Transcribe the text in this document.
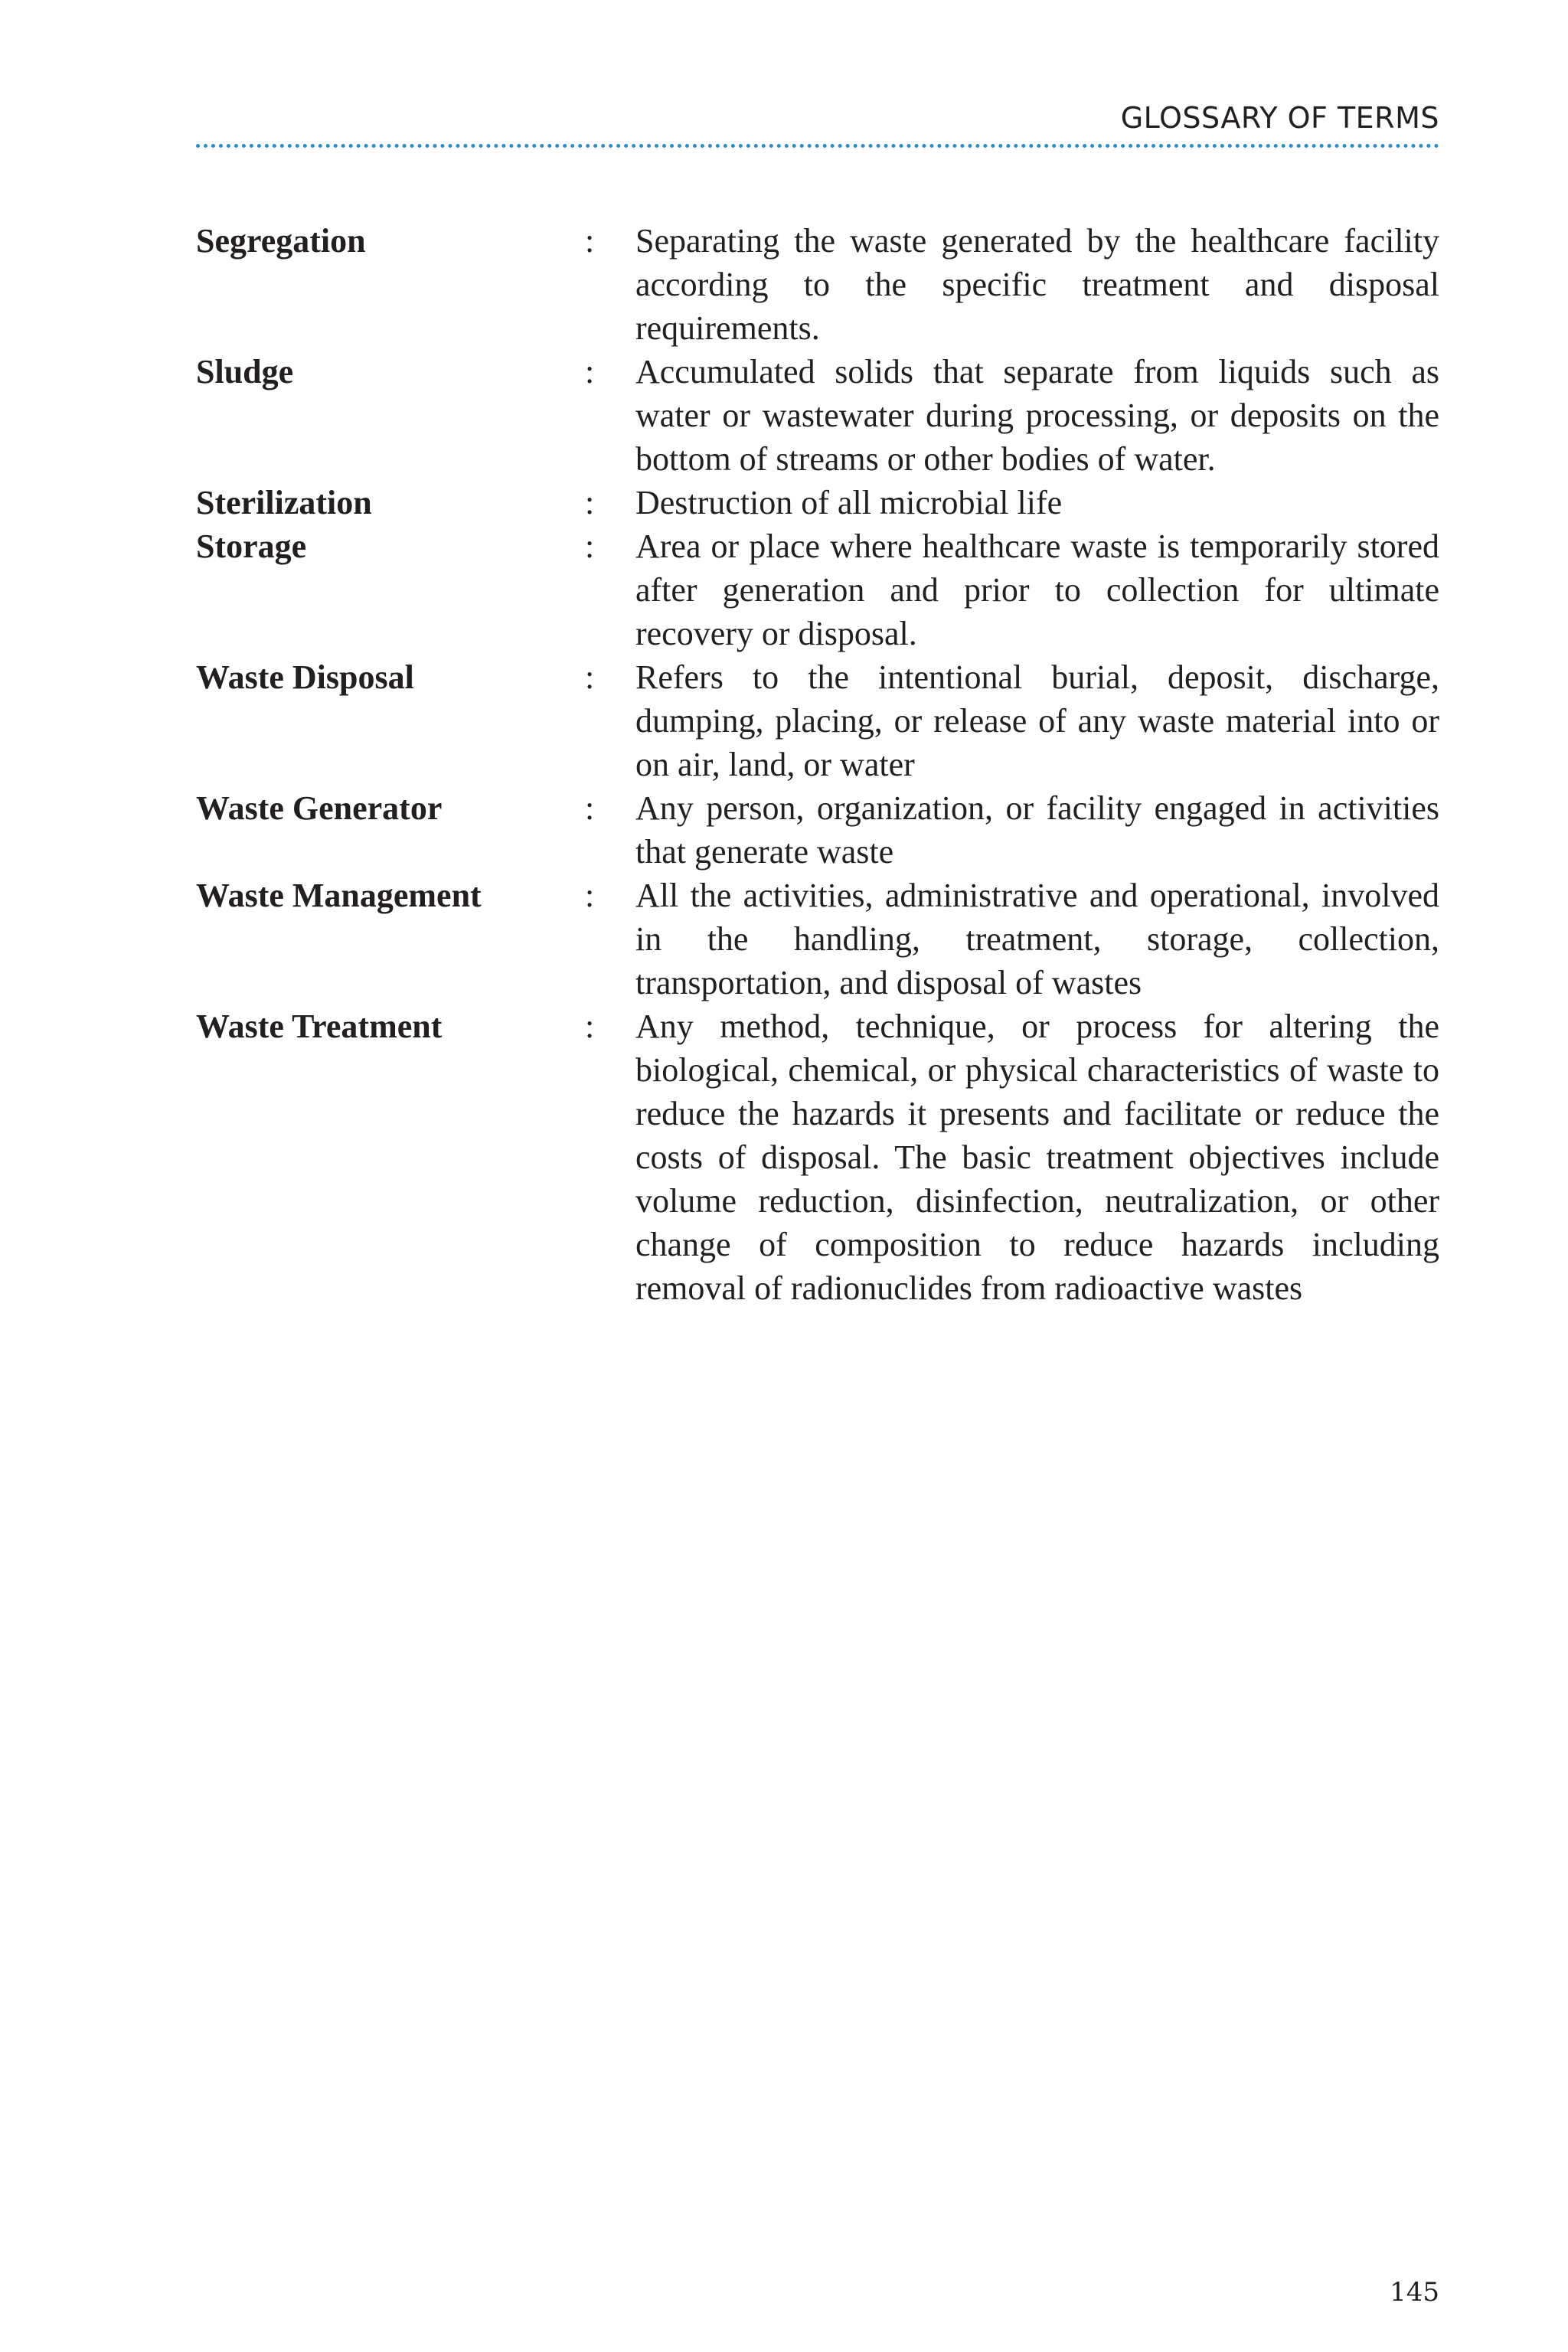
GLOSSARY OF TERMS
Segregation	:	Separating the waste generated by the healthcare facility according to the specific treatment and disposal requirements.
Sludge	:	Accumulated solids that separate from liquids such as water or wastewater during processing, or deposits on the bottom of streams or other bodies of water.
Sterilization	:	Destruction of all microbial life
Storage	:	Area or place where healthcare waste is temporarily stored after generation and prior to collection for ultimate recovery or disposal.
Waste Disposal	:	Refers to the intentional burial, deposit, discharge, dumping, placing, or release of any waste material into or on air, land, or water
Waste Generator	:	Any person, organization, or facility engaged in activities that generate waste
Waste Management	:	All the activities, administrative and operational, involved in the handling, treatment, storage, collection, transportation, and disposal of wastes
Waste Treatment	:	Any method, technique, or process for altering the biological, chemical, or physical characteristics of waste to reduce the hazards it presents and facilitate or reduce the costs of disposal. The basic treatment objectives include volume reduction, disinfection, neutralization, or other change of composition to reduce hazards including removal of radionuclides from radioactive wastes
145
